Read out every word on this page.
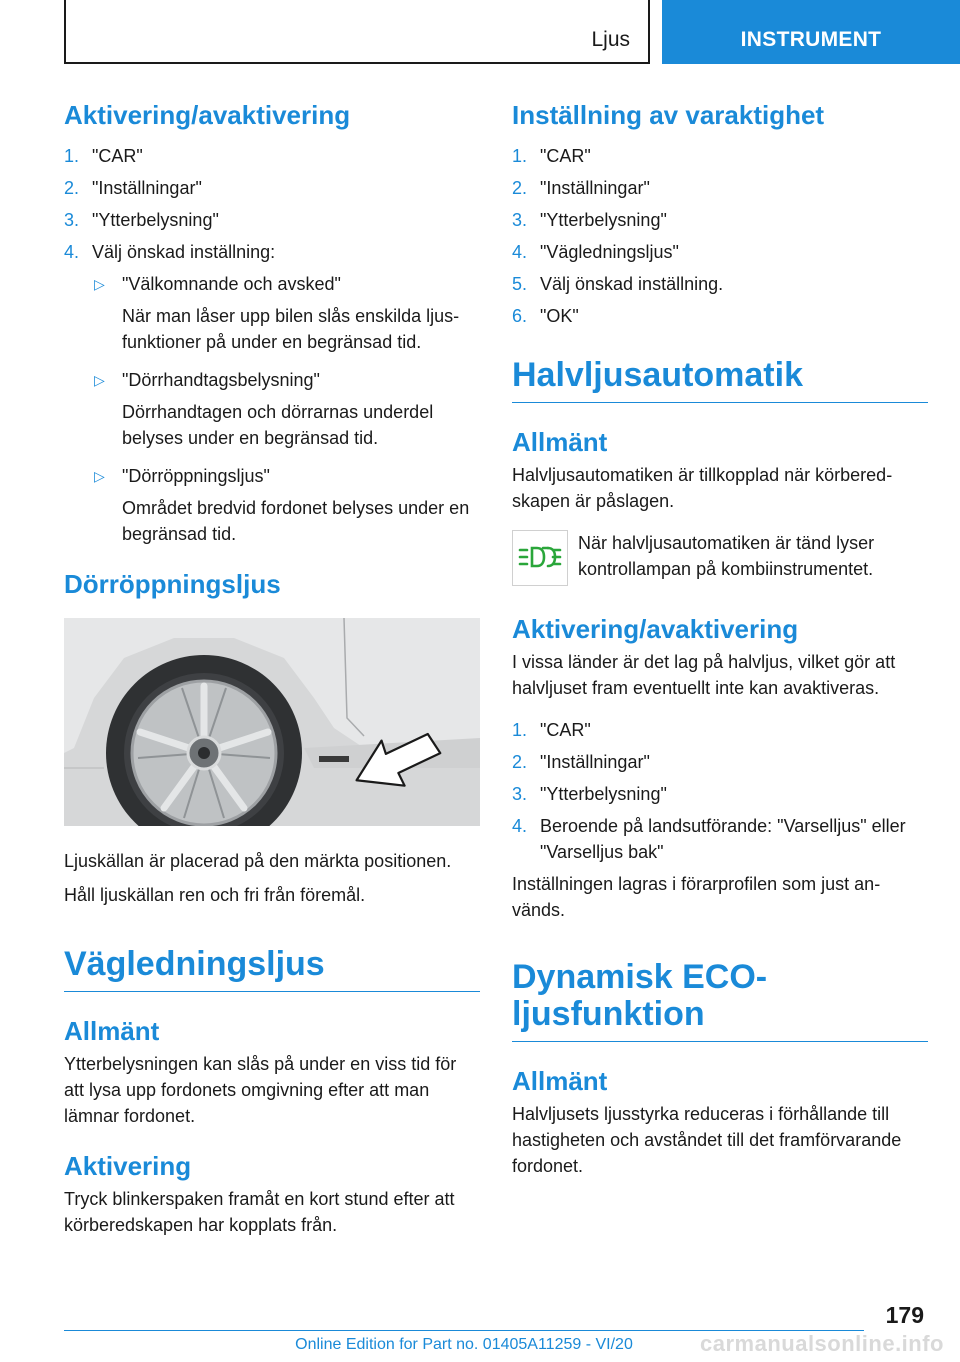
Ljus	INSTRUMENT
Aktivering/avaktivering
1. "CAR"
2. "Inställningar"
3. "Ytterbelysning"
4. Välj önskad inställning:
▷ "Välkomnande och avsked"
När man låser upp bilen slås enskilda ljus-funktioner på under en begränsad tid.
▷ "Dörrhandtagsbelysning"
Dörrhandtagen och dörrarnas underdel belyses under en begränsad tid.
▷ "Dörröppningsljus"
Området bredvid fordonet belyses under en begränsad tid.
Dörröppningsljus

Ljuskällan är placerad på den märkta positionen.

Håll ljuskällan ren och fri från föremål.

Vägledningsljus
Allmänt

Ytterbelysningen kan slås på under en viss tid för att lysa upp fordonets omgivning efter att man lämnar fordonet.

Aktivering

Tryck blinkerspaken framåt en kort stund efter att körberedskapen har kopplats från.

Inställning av varaktighet
1. "CAR"
2. "Inställningar"
3. "Ytterbelysning"
4. "Vägledningsljus"
5. Välj önskad inställning.
6. "OK"
Halvljusautomatik
Allmänt

Halvljusautomatiken är tillkopplad när körbered-skapen är påslagen.

När halvljusautomatiken är tänd lyser kontrollampan på kombiinstrumentet.

Aktivering/avaktivering

I vissa länder är det lag på halvljus, vilket gör att halvljuset fram eventuellt inte kan avaktiveras.

1. "CAR"
2. "Inställningar"
3. "Ytterbelysning"
4. Beroende på landsutförande: "Varselljus" eller "Varselljus bak"

Inställningen lagras i förarprofilen som just an-vänds.

Dynamisk ECO-ljusfunktion
Allmänt

Halvljusets ljusstyrka reduceras i förhållande till hastigheten och avståndet till det framförvarande fordonet.

179
Online Edition for Part no. 01405A11259 - VI/20	carmanualsonline.info
